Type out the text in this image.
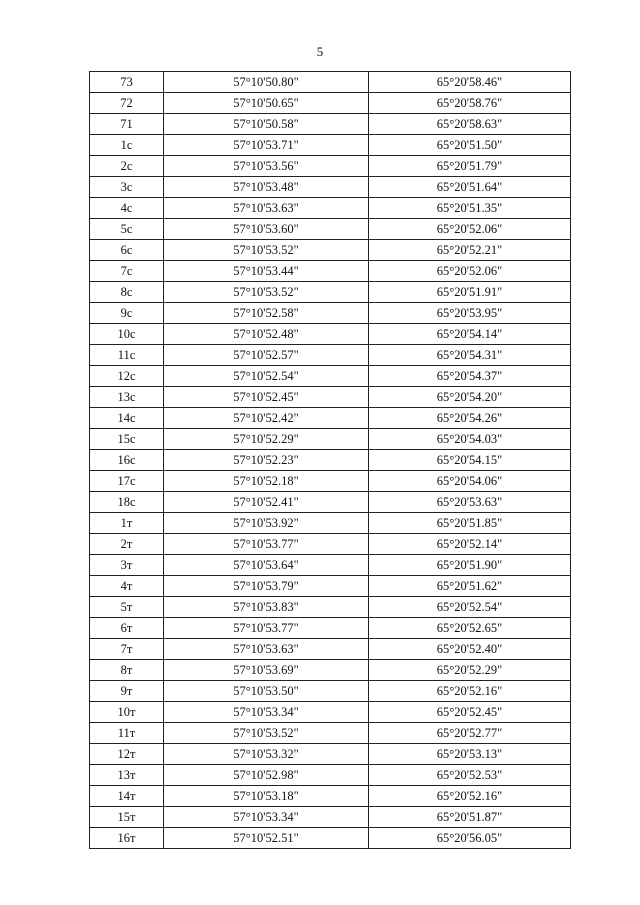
5
73	57°10'50.80"	65°20'58.46"
72	57°10'50.65"	65°20'58.76"
71	57°10'50.58"	65°20'58.63"
1с	57°10'53.71"	65°20'51.50"
2с	57°10'53.56"	65°20'51.79"
3с	57°10'53.48"	65°20'51.64"
4с	57°10'53.63"	65°20'51.35"
5с	57°10'53.60"	65°20'52.06"
6с	57°10'53.52"	65°20'52.21"
7с	57°10'53.44"	65°20'52.06"
8с	57°10'53.52"	65°20'51.91"
9с	57°10'52.58"	65°20'53.95"
10с	57°10'52.48"	65°20'54.14"
11с	57°10'52.57"	65°20'54.31"
12с	57°10'52.54"	65°20'54.37"
13с	57°10'52.45"	65°20'54.20"
14с	57°10'52.42"	65°20'54.26"
15с	57°10'52.29"	65°20'54.03"
16с	57°10'52.23"	65°20'54.15"
17с	57°10'52.18"	65°20'54.06"
18с	57°10'52.41"	65°20'53.63"
1т	57°10'53.92"	65°20'51.85"
2т	57°10'53.77"	65°20'52.14"
3т	57°10'53.64"	65°20'51.90"
4т	57°10'53.79"	65°20'51.62"
5т	57°10'53.83"	65°20'52.54"
6т	57°10'53.77"	65°20'52.65"
7т	57°10'53.63"	65°20'52.40"
8т	57°10'53.69"	65°20'52.29"
9т	57°10'53.50"	65°20'52.16"
10т	57°10'53.34"	65°20'52.45"
11т	57°10'53.52"	65°20'52.77"
12т	57°10'53.32"	65°20'53.13"
13т	57°10'52.98"	65°20'52.53"
14т	57°10'53.18"	65°20'52.16"
15т	57°10'53.34"	65°20'51.87"
16т	57°10'52.51"	65°20'56.05"
